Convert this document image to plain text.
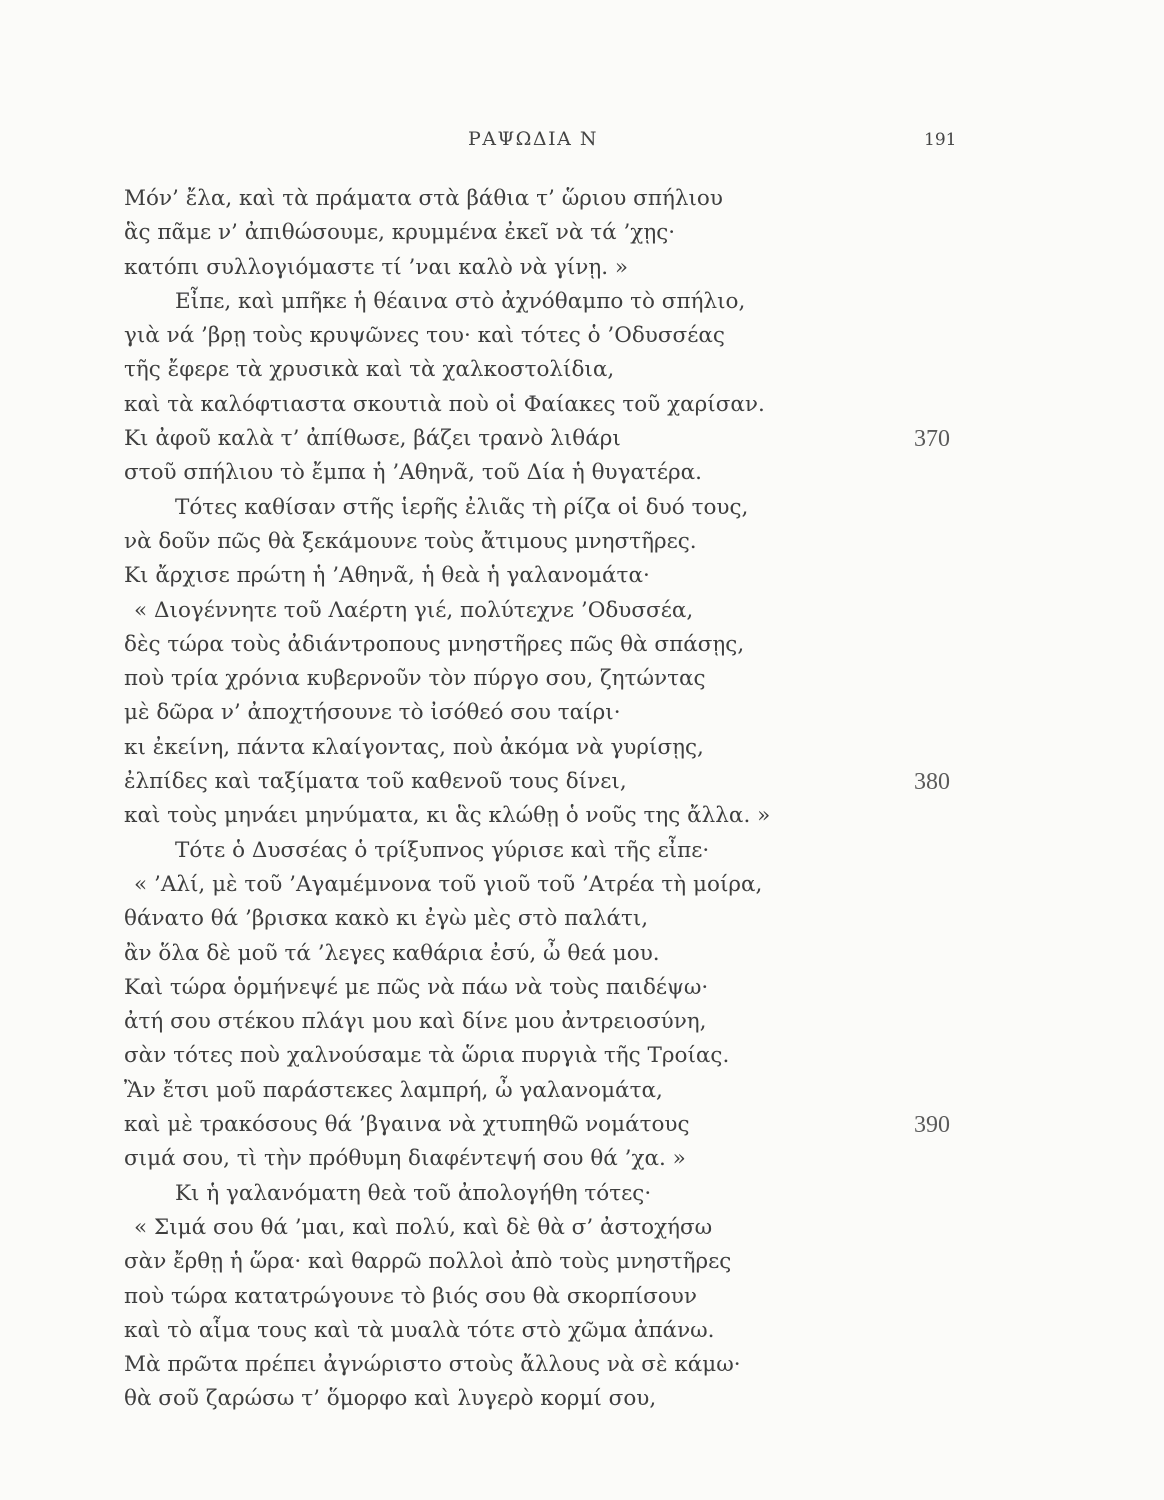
ΡΑΨΩΔΙΑ Ν	191
Μόν’ ἔλα, καὶ τὰ πράματα στὰ βάθια τ’ ὥριου σπήλιου
ἃς πᾶμε ν’ ἀπιθώσουμε, κρυμμένα ἐκεῖ νὰ τά ’χῃς·
κατόπι συλλογιόμαστε τί ’ναι καλὸ νὰ γίνῃ. »
Εἶπε, καὶ μπῆκε ἡ θέαινα στὸ ἀχνόθαμπο τὸ σπήλιο,
γιὰ νά ’βρῃ τοὺς κρυψῶνες του· καὶ τότες ὁ ’Οδυσσέας
τῆς ἔφερε τὰ χρυσικὰ καὶ τὰ χαλκοστολίδια,
καὶ τὰ καλόφτιαστα σκουτιὰ ποὺ οἱ Φαίακες τοῦ χαρίσαν.
Κι ἀφοῦ καλὰ τ’ ἀπίθωσε, βάζει τρανὸ λιθάρι	370
στοῦ σπήλιου τὸ ἔμπα ἡ ’Αθηνᾶ, τοῦ Δία ἡ θυγατέρα.
Τότες καθίσαν στῆς ἱερῆς ἐλιᾶς τὴ ρίζα οἱ δυό τους,
νὰ δοῦν πῶς θὰ ξεκάμουνε τοὺς ἄτιμους μνηστῆρες.
Κι ἄρχισε πρώτη ἡ ’Αθηνᾶ, ἡ θεὰ ἡ γαλανομάτα·
« Διογέννητε τοῦ Λαέρτη γιέ, πολύτεχνε ’Οδυσσέα,
δὲς τώρα τοὺς ἀδιάντροπους μνηστῆρες πῶς θὰ σπάσῃς,
ποὺ τρία χρόνια κυβερνοῦν τὸν πύργο σου, ζητώντας
μὲ δῶρα ν’ ἀποχτήσουνε τὸ ἰσόθεό σου ταίρι·
κι ἐκείνη, πάντα κλαίγοντας, ποὺ ἀκόμα νὰ γυρίσῃς,
ἐλπίδες καὶ ταξίματα τοῦ καθενοῦ τους δίνει,	380
καὶ τοὺς μηνάει μηνύματα, κι ἃς κλώθῃ ὁ νοῦς της ἄλλα. »
Τότε ὁ Δυσσέας ὁ τρίξυπνος γύρισε καὶ τῆς εἶπε·
« ’Αλί, μὲ τοῦ ’Αγαμέμνονα τοῦ γιοῦ τοῦ ’Ατρέα τὴ μοίρα,
θάνατο θά ’βρισκα κακὸ κι ἐγὼ μὲς στὸ παλάτι,
ἂν ὅλα δὲ μοῦ τά ’λεγες καθάρια ἐσύ, ὦ θεά μου.
Καὶ τώρα ὁρμήνεψέ με πῶς νὰ πάω νὰ τοὺς παιδέψω·
ἀτή σου στέκου πλάγι μου καὶ δίνε μου ἀντρειοσύνη,
σὰν τότες ποὺ χαλνούσαμε τὰ ὥρια πυργιὰ τῆς Τροίας.
Ἂν ἔτσι μοῦ παράστεκες λαμπρή, ὦ γαλανομάτα,
καὶ μὲ τρακόσους θά ’βγαινα νὰ χτυπηθῶ νομάτους	390
σιμά σου, τὶ τὴν πρόθυμη διαφέντεψή σου θά ’χα. »
Κι ἡ γαλανόματη θεὰ τοῦ ἀπολογήθη τότες·
« Σιμά σου θά ’μαι, καὶ πολύ, καὶ δὲ θὰ σ’ ἀστοχήσω
σὰν ἔρθῃ ἡ ὥρα· καὶ θαρρῶ πολλοὶ ἀπὸ τοὺς μνηστῆρες
ποὺ τώρα κατατρώγουνε τὸ βιός σου θὰ σκορπίσουν
καὶ τὸ αἷμα τους καὶ τὰ μυαλὰ τότε στὸ χῶμα ἀπάνω.
Μὰ πρῶτα πρέπει ἀγνώριστο στοὺς ἄλλους νὰ σὲ κάμω·
θὰ σοῦ ζαρώσω τ’ ὅμορφο καὶ λυγερὸ κορμί σου,
